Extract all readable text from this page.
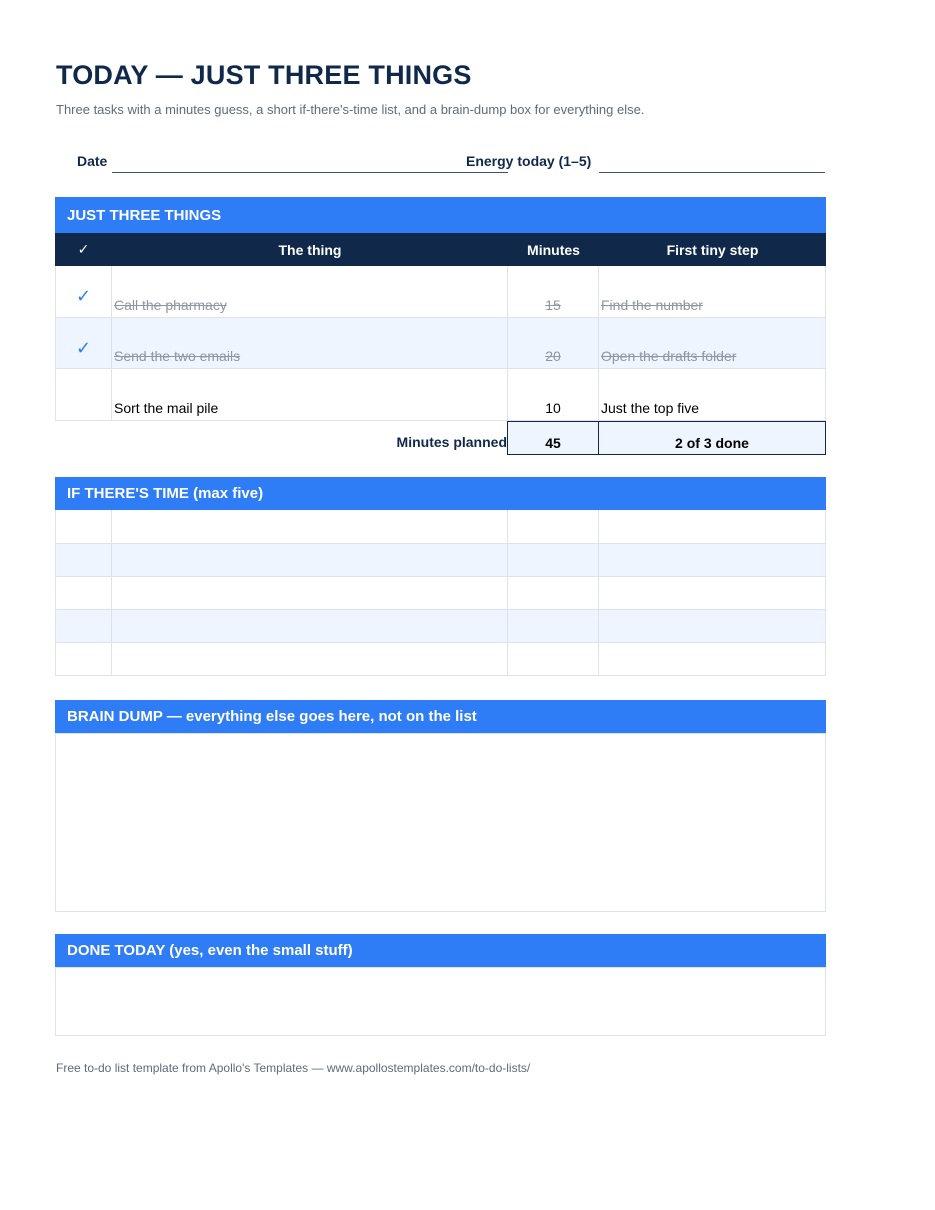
TODAY — JUST THREE THINGS
Three tasks with a minutes guess, a short if-there's-time list, and a brain-dump box for everything else.
Date	Energy today (1–5)
JUST THREE THINGS
✓	The thing	Minutes	First tiny step
✓ Call the pharmacy	15	Find the number
✓ Send the two emails	20	Open the drafts folder
Sort the mail pile	10	Just the top five
Minutes planned	45	2 of 3 done
IF THERE'S TIME (max five)
BRAIN DUMP — everything else goes here, not on the list
DONE TODAY (yes, even the small stuff)
Free to-do list template from Apollo's Templates — www.apollostemplates.com/to-do-lists/
